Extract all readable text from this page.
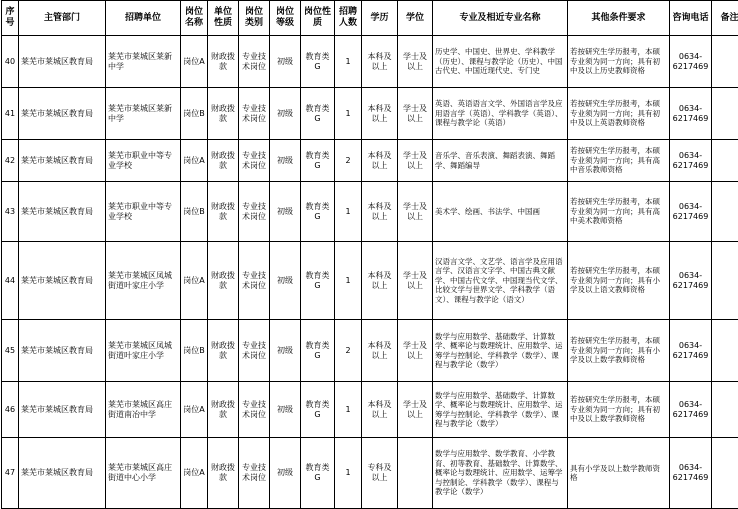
序号	主管部门	招聘单位	岗位名称	单位性质	岗位类别	岗位等级	岗位性质	招聘人数	学历	学位	专业及相近专业名称	其他条件要求	咨询电话	备注
40	莱芜市莱城区教育局	莱芜市莱城区莱新中学	岗位A	财政拨款	专业技术岗位	初级	教育类G	1	本科及以上	学士及以上	历史学、中国史、世界史、学科教学（历史）、课程与教学论（历史）、中国古代史、中国近现代史、专门史	若按研究生学历报考，本硕专业须为同一方向；具有初中及以上历史教师资格	0634-6217469	
41	莱芜市莱城区教育局	莱芜市莱城区莱新中学	岗位B	财政拨款	专业技术岗位	初级	教育类G	1	本科及以上	学士及以上	英语、英语语言文学、外国语言学及应用语言学（英语）、学科教学（英语）、课程与教学论（英语）	若按研究生学历报考，本硕专业须为同一方向；具有初中及以上英语教师资格	0634-6217469	
42	莱芜市莱城区教育局	莱芜市职业中等专业学校	岗位A	财政拨款	专业技术岗位	初级	教育类G	2	本科及以上	学士及以上	音乐学、音乐表演、舞蹈表演、舞蹈学、舞蹈编导	若按研究生学历报考，本硕专业须为同一方向；具有高中音乐教师资格	0634-6217469	
43	莱芜市莱城区教育局	莱芜市职业中等专业学校	岗位B	财政拨款	专业技术岗位	初级	教育类G	1	本科及以上	学士及以上	美术学、绘画、书法学、中国画	若按研究生学历报考，本硕专业须为同一方向；具有高中美术教师资格	0634-6217469	
44	莱芜市莱城区教育局	莱芜市莱城区凤城街道叶家庄小学	岗位A	财政拨款	专业技术岗位	初级	教育类G	1	本科及以上	学士及以上	汉语言文学、文艺学、语言学及应用语言学、汉语言文字学、中国古典文献学、中国古代文学、中国现当代文学、比较文学与世界文学、学科教学（语文）、课程与教学论（语文）	若按研究生学历报考，本硕专业须为同一方向；具有小学及以上语文教师资格	0634-6217469	
45	莱芜市莱城区教育局	莱芜市莱城区凤城街道叶家庄小学	岗位B	财政拨款	专业技术岗位	初级	教育类G	2	本科及以上	学士及以上	数学与应用数学、基础数学、计算数学、概率论与数理统计、应用数学、运筹学与控制论、学科教学（数学）、课程与教学论（数学）	若按研究生学历报考，本硕专业须为同一方向；具有小学及以上数学教师资格	0634-6217469	
46	莱芜市莱城区教育局	莱芜市莱城区高庄街道南冶中学	岗位A	财政拨款	专业技术岗位	初级	教育类G	1	本科及以上	学士及以上	数学与应用数学、基础数学、计算数学、概率论与数理统计、应用数学、运筹学与控制论、学科教学（数学）、课程与教学论（数学）	若按研究生学历报考，本硕专业须为同一方向；具有初中及以上数学教师资格	0634-6217469	
47	莱芜市莱城区教育局	莱芜市莱城区高庄街道中心小学	岗位A	财政拨款	专业技术岗位	初级	教育类G	1	专科及以上		数学与应用数学、数学教育、小学教育、初等教育、基础数学、计算数学、概率论与数理统计、应用数学、运筹学与控制论、学科教学（数学）、课程与教学论（数学）	具有小学及以上数学教师资格	0634-6217469	
